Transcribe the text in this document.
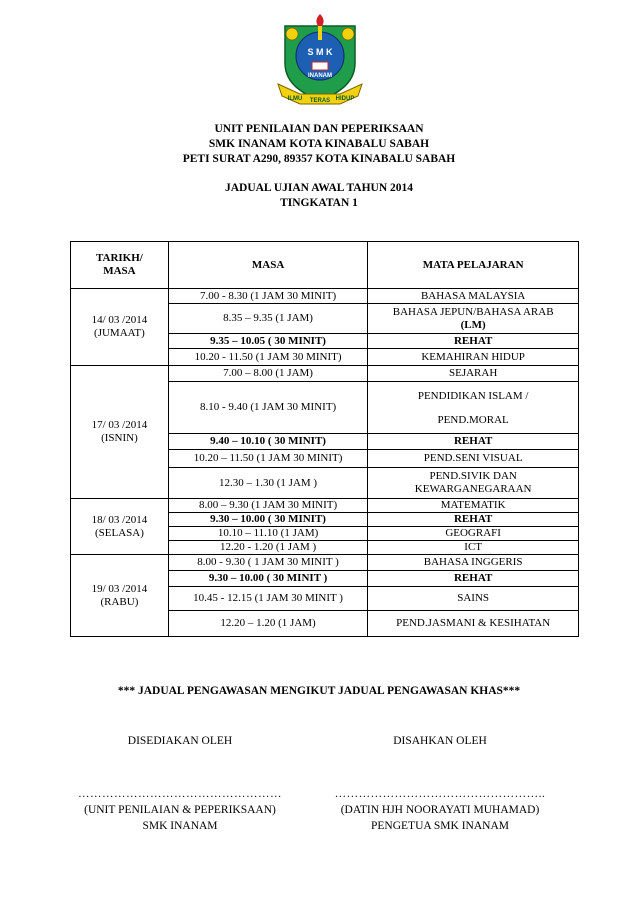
S M K
INANAM
ILMU TERAS HIDUP
UNIT PENILAIAN DAN PEPERIKSAAN
SMK INANAM KOTA KINABALU SABAH
PETI SURAT A290, 89357 KOTA KINABALU SABAH
JADUAL UJIAN AWAL TAHUN 2014
TINGKATAN 1
TARIKH/
MASA	MASA	MATA PELAJARAN

14/ 03 /2014
(JUMAAT)	7.00 - 8.30 (1 JAM 30 MINIT)	BAHASA MALAYSIA
	8.35 – 9.35 (1 JAM)	BAHASA JEPUN/BAHASA ARAB
(LM)

	9.35 – 10.05 ( 30 MINIT)	REHAT
	10.20 - 11.50 (1 JAM 30 MINIT)	KEMAHIRAN HIDUP

17/ 03 /2014
(ISNIN)	7.00 – 8.00 (1 JAM)	SEJARAH
	8.10 - 9.40 (1 JAM 30 MINIT)	PENDIDIKAN ISLAM /
PEND.MORAL

	9.40 – 10.10 ( 30 MINIT)	REHAT
	10.20 – 11.50 (1 JAM 30 MINIT)	PEND.SENI VISUAL
	12.30 – 1.30 (1 JAM )	PEND.SIVIK DAN
KEWARGANEGARAAN

18/ 03 /2014
(SELASA)	8.00 – 9.30 (1 JAM 30 MINIT)	MATEMATIK
	9.30 – 10.00 ( 30 MINIT)	REHAT
	10.10 – 11.10 (1 JAM)	GEOGRAFI
	12.20 - 1.20 (1 JAM )	ICT

19/ 03 /2014
(RABU)	8.00 - 9.30 ( 1 JAM 30 MINIT )	BAHASA INGGERIS
	9.30 – 10.00 ( 30 MINIT )	REHAT
	10.45 - 12.15 (1 JAM 30 MINIT )	SAINS
	12.20 – 1.20 (1 JAM)	PEND.JASMANI & KESIHATAN
*** JADUAL PENGAWASAN MENGIKUT JADUAL PENGAWASAN KHAS***
DISEDIAKAN OLEH	DISAHKAN OLEH
……………………………………………
(UNIT PENILAIAN & PEPERIKSAAN)
SMK INANAM
……………………………………………..
(DATIN HJH NOORAYATI MUHAMAD)
PENGETUA SMK INANAM
